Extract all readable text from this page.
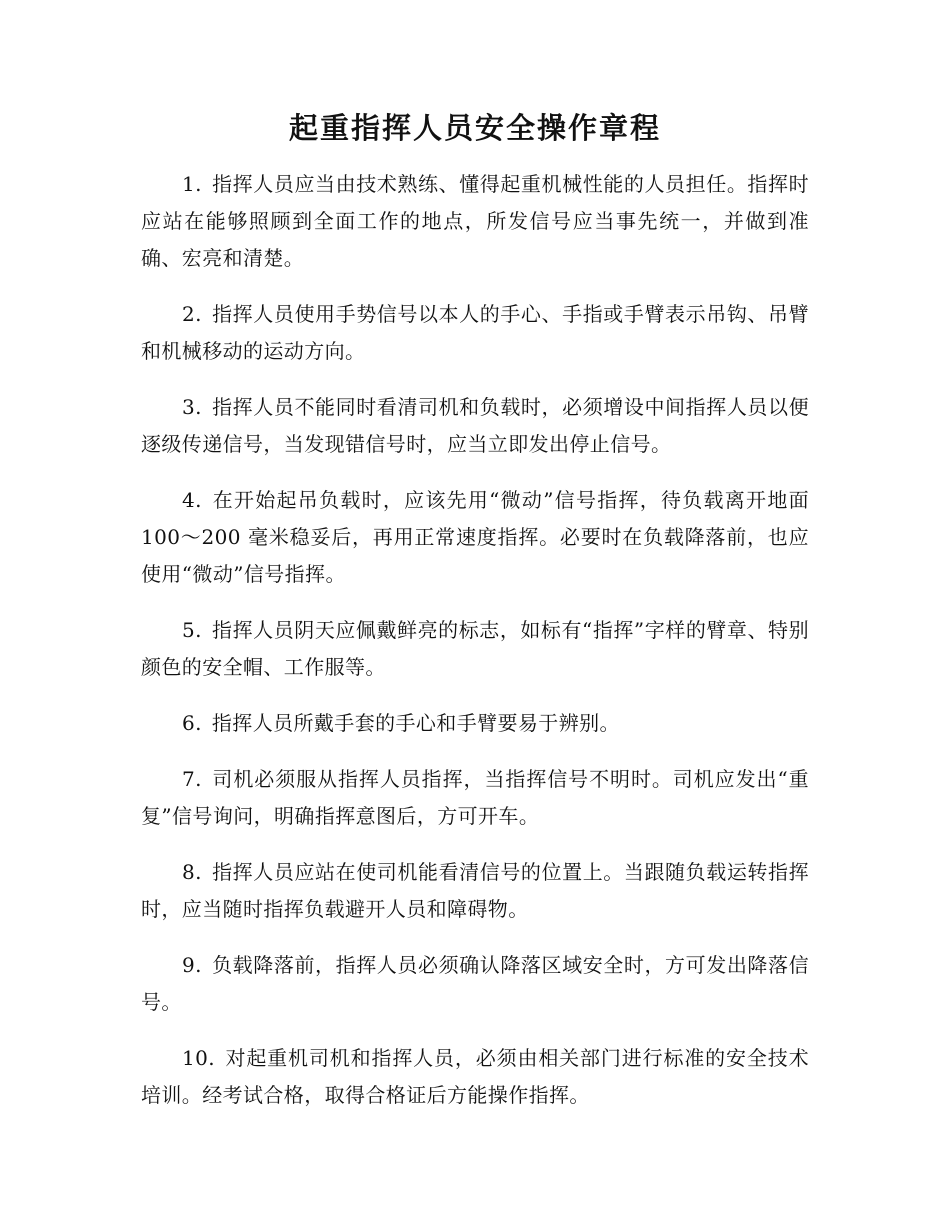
起重指挥人员安全操作章程

1. 指挥人员应当由技术熟练、懂得起重机械性能的人员担任。指挥时应站在能够照顾到全面工作的地点，所发信号应当事先统一，并做到准确、宏亮和清楚。

2. 指挥人员使用手势信号以本人的手心、手指或手臂表示吊钩、吊臂和机械移动的运动方向。

3. 指挥人员不能同时看清司机和负载时，必须增设中间指挥人员以便逐级传递信号，当发现错信号时，应当立即发出停止信号。

4. 在开始起吊负载时，应该先用“微动”信号指挥，待负载离开地面 100～200 毫米稳妥后，再用正常速度指挥。必要时在负载降落前，也应使用“微动”信号指挥。

5. 指挥人员阴天应佩戴鲜亮的标志，如标有“指挥”字样的臂章、特别颜色的安全帽、工作服等。

6. 指挥人员所戴手套的手心和手臂要易于辨别。

7. 司机必须服从指挥人员指挥，当指挥信号不明时。司机应发出“重复”信号询问，明确指挥意图后，方可开车。

8. 指挥人员应站在使司机能看清信号的位置上。当跟随负载运转指挥时，应当随时指挥负载避开人员和障碍物。

9. 负载降落前，指挥人员必须确认降落区域安全时，方可发出降落信号。

10. 对起重机司机和指挥人员，必须由相关部门进行标准的安全技术培训。经考试合格，取得合格证后方能操作指挥。
